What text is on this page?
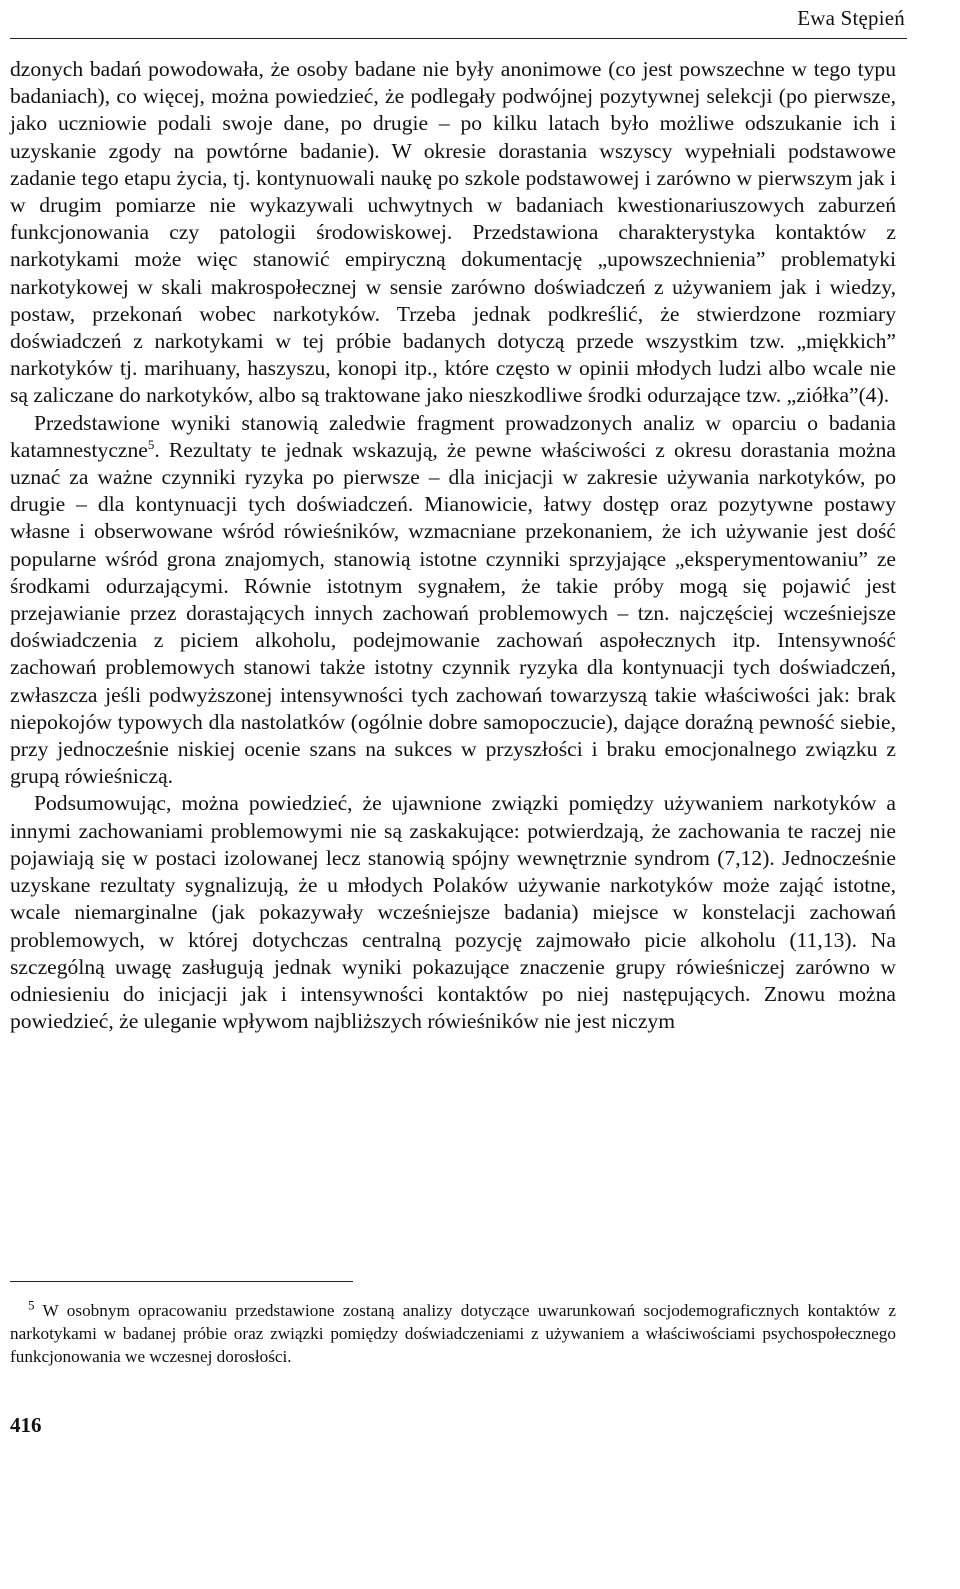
Ewa Stępień

dzonych badań powodowała, że osoby badane nie były anonimowe (co jest powszechne w tego typu badaniach), co więcej, można powiedzieć, że podlegały podwójnej pozytywnej selekcji (po pierwsze, jako uczniowie podali swoje dane, po drugie – po kilku latach było możliwe odszukanie ich i uzyskanie zgody na powtórne badanie). W okresie dorastania wszyscy wypełniali podstawowe zadanie tego etapu życia, tj. kontynuowali naukę po szkole podstawowej i zarówno w pierwszym jak i w drugim pomiarze nie wykazywali uchwytnych w badaniach kwestionariuszowych zaburzeń funkcjonowania czy patologii środowiskowej. Przedstawiona charakterystyka kontaktów z narkotykami może więc stanowić empiryczną dokumentację „upowszechnienia” problematyki narkotykowej w skali makrospołecznej w sensie zarówno doświadczeń z używaniem jak i wiedzy, postaw, przekonań wobec narkotyków. Trzeba jednak podkreślić, że stwierdzone rozmiary doświadczeń z narkotykami w tej próbie badanych dotyczą przede wszystkim tzw. „miękkich” narkotyków tj. marihuany, haszyszu, konopi itp., które często w opinii młodych ludzi albo wcale nie są zaliczane do narkotyków, albo są traktowane jako nieszkodliwe środki odurzające tzw. „ziółka”(4).

Przedstawione wyniki stanowią zaledwie fragment prowadzonych analiz w oparciu o badania katamnestyczne$^5$. Rezultaty te jednak wskazują, że pewne właściwości z okresu dorastania można uznać za ważne czynniki ryzyka po pierwsze – dla inicjacji w zakresie używania narkotyków, po drugie – dla kontynuacji tych doświadczeń. Mianowicie, łatwy dostęp oraz pozytywne postawy własne i obserwowane wśród rówieśników, wzmacniane przekonaniem, że ich używanie jest dość popularne wśród grona znajomych, stanowią istotne czynniki sprzyjające „eksperymentowaniu” ze środkami odurzającymi. Równie istotnym sygnałem, że takie próby mogą się pojawić jest przejawianie przez dorastających innych zachowań problemowych – tzn. najczęściej wcześniejsze doświadczenia z piciem alkoholu, podejmowanie zachowań aspołecznych itp. Intensywność zachowań problemowych stanowi także istotny czynnik ryzyka dla kontynuacji tych doświadczeń, zwłaszcza jeśli podwyższonej intensywności tych zachowań towarzyszą takie właściwości jak: brak niepokojów typowych dla nastolatków (ogólnie dobre samopoczucie), dające doraźną pewność siebie, przy jednocześnie niskiej ocenie szans na sukces w przyszłości i braku emocjonalnego związku z grupą rówieśniczą.

Podsumowując, można powiedzieć, że ujawnione związki pomiędzy używaniem narkotyków a innymi zachowaniami problemowymi nie są zaskakujące: potwierdzają, że zachowania te raczej nie pojawiają się w postaci izolowanej lecz stanowią spójny wewnętrznie syndrom (7,12). Jednocześnie uzyskane rezultaty sygnalizują, że u młodych Polaków używanie narkotyków może zająć istotne, wcale niemarginalne (jak pokazywały wcześniejsze badania) miejsce w konstelacji zachowań problemowych, w której dotychczas centralną pozycję zajmowało picie alkoholu (11,13). Na szczególną uwagę zasługują jednak wyniki pokazujące znaczenie grupy rówieśniczej zarówno w odniesieniu do inicjacji jak i intensywności kontaktów po niej następujących. Znowu można powiedzieć, że uleganie wpływom najbliższych rówieśników nie jest niczym

$^5$ W osobnym opracowaniu przedstawione zostaną analizy dotyczące uwarunkowań socjodemograficznych kontaktów z narkotykami w badanej próbie oraz związki pomiędzy doświadczeniami z używaniem a właściwościami psychospołecznego funkcjonowania we wczesnej dorosłości.

416
